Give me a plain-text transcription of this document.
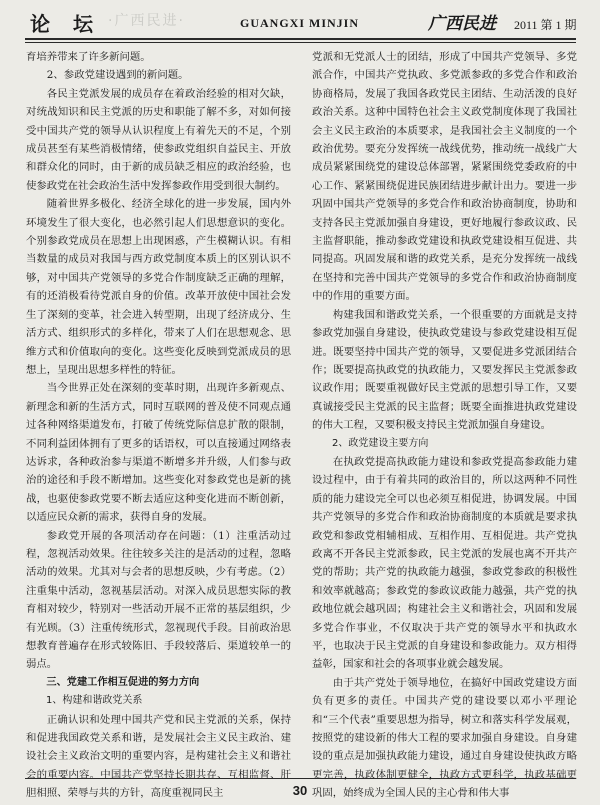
论 坛 ·广西民进·	GUANGXI MINJIN	广西民进 2011 第 1 期

育培养带来了许多新问题。

2、参政党建设遇到的新问题。

各民主党派发展的成员存在着政治经验的相对欠缺，对统战知识和民主党派的历史和职能了解不多，对如何接受中国共产党的领导从认识程度上有着先天的不足，个别成员甚至有某些消极情绪，使参政党组织自益民主、开放和群众化的同时，由于新的成员缺乏相应的政治经验，也使参政党在社会政治生活中发挥参政作用受到很大制约。

随着世界多极化、经济全球化的进一步发展，国内外环境发生了很大变化，也必然引起人们思想意识的变化。个别参政党成员在思想上出现困惑，产生模糊认识。有相当数量的成员对我国与西方政党制度本质上的区别认识不够，对中国共产党领导的多党合作制度缺乏正确的理解，有的还消极看待党派自身的价值。改革开放使中国社会发生了深刻的变革，社会进入转型期，出现了经济成分、生活方式、组织形式的多样化，带来了人们在思想观念、思维方式和价值取向的变化。这些变化反映到党派成员的思想上，呈现出思想多样性的特征。

当今世界正处在深刻的变革时期，出现许多新观点、新理念和新的生活方式，同时互联网的普及使不同观点通过各种网络渠道发布，打破了传统党际信息扩散的限制，不同利益团体拥有了更多的话语权，可以直接通过网络表达诉求，各种政治参与渠道不断增多并升级，人们参与政治的途径和手段不断增加。这些变化对参政党也是新的挑战，也驱使参政党要不断去适应这种变化进而不断创新，以适应民众新的需求，获得自身的发展。

参政党开展的各项活动存在问题：（1）注重活动过程，忽视活动效果。往往较多关注的是活动的过程，忽略活动的效果。尤其对与会者的思想反映，少有考虑。（2）注重集中活动，忽视基层活动。对深入成员思想实际的教育相对较少，特别对一些活动开展不正常的基层组织，少有光顾。（3）注重传统形式，忽视现代手段。目前政治思想教育普遍存在形式较陈旧、手段较落后、渠道较单一的弱点。

三、党建工作相互促进的努力方向

1、构建和谐政党关系

正确认识和处理中国共产党和民主党派的关系，保持和促进我国政党关系和谐，是发展社会主义民主政治、建设社会主义政治文明的重要内容，是构建社会主义和谐社会的重要内容。中国共产党坚持长期共存、互相监督、肝胆相照、荣辱与共的方针，高度重视同民主

党派和无党派人士的团结，形成了中国共产党领导、多党派合作，中国共产党执政、多党派参政的多党合作和政治协商格局，发展了我国各政党民主团结、生动活泼的良好政治关系。这种中国特色社会主义政党制度体现了我国社会主义民主政治的本质要求，是我国社会主义制度的一个政治优势。要充分发挥统一战线优势，推动统一战线广大成员紧紧围绕党的建设总体部署，紧紧围绕党委政府的中心工作、紧紧围绕促进民族团结进步献计出力。要进一步巩固中国共产党领导的多党合作和政治协商制度，协助和支持各民主党派加强自身建设，更好地履行参政议政、民主监督职能，推动参政党建设和执政党建设相互促进、共同提高。巩固发展和谐的政党关系，是充分发挥统一战线在坚持和完善中国共产党领导的多党合作和政治协商制度中的作用的重要方面。

构建我国和谐政党关系，一个很重要的方面就是支持参政党加强自身建设，使执政党建设与参政党建设相互促进。既要坚持中国共产党的领导，又要促进多党派团结合作；既要提高执政党的执政能力，又要发挥民主党派参政议政作用；既要重视做好民主党派的思想引导工作，又要真诚接受民主党派的民主监督；既要全面推进执政党建设的伟大工程，又要积极支持民主党派加强自身建设。

2、政党建设主要方向

在执政党提高执政能力建设和参政党提高参政能力建设过程中，由于有着共同的政治目的，所以这两种不同性质的能力建设完全可以也必须互相促进，协调发展。中国共产党领导的多党合作和政治协商制度的本质就是要求执政党和参政党相辅相成、互相作用、互相促进。共产党执政离不开各民主党派参政，民主党派的发展也离不开共产党的帮助；共产党的执政能力越强，参政党参政的积极性和效率就越高；参政党的参政议政能力越强，共产党的执政地位就会越巩固；构建社会主义和谐社会，巩固和发展多党合作事业，不仅取决于共产党的领导水平和执政水平，也取决于民主党派的自身建设和参政能力。双方相得益彰，国家和社会的各项事业就会越发展。

由于共产党处于领导地位，在搞好中国政党建设方面负有更多的责任。中国共产党的建设要以邓小平理论和“三个代表”重要思想为指导，树立和落实科学发展观，按照党的建设新的伟大工程的要求加强自身建设。自身建设的重点是加强执政能力建设，通过自身建设使执政方略更完善，执政体制更健全，执政方式更科学，执政基础更巩固，始终成为全国人民的主心骨和伟大事

30
